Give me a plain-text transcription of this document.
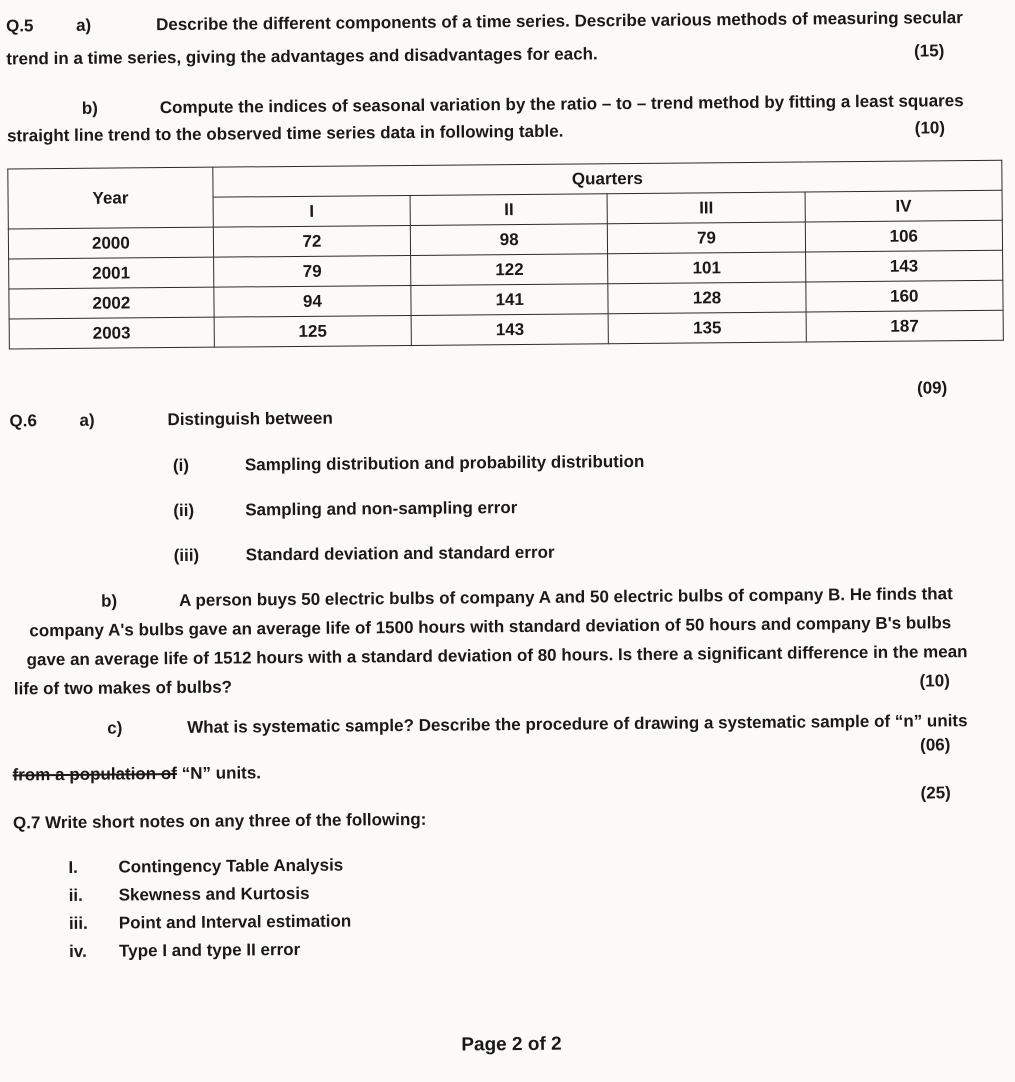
Q.5	a)	Describe the different components of a time series. Describe various methods of measuring secular
trend in a time series, giving the advantages and disadvantages for each.	(15)
b)	Compute the indices of seasonal variation by the ratio – to – trend method by fitting a least squares
straight line trend to the observed time series data in following table.	(10)
Year	Quarters			
	I	II	III	IV
2000	72	98	79	106
2001	79	122	101	143
2002	94	141	128	160
2003	125	143	135	187
(09)
Q.6	a)	Distinguish between
(i)	Sampling distribution and probability distribution
(ii)	Sampling and non-sampling error
(iii)	Standard deviation and standard error
b)	A person buys 50 electric bulbs of company A and 50 electric bulbs of company B. He finds that
company A's bulbs gave an average life of 1500 hours with standard deviation of 50 hours and company B's bulbs
gave an average life of 1512 hours with a standard deviation of 80 hours. Is there a significant difference in the mean
life of two makes of bulbs?	(10)
c)	What is systematic sample? Describe the procedure of drawing a systematic sample of “n” units
(06)
from a population of “N” units.
(25)
Q.7 Write short notes on any three of the following:
I.	Contingency Table Analysis
ii.	Skewness and Kurtosis
iii.	Point and Interval estimation
iv.	Type I and type II error
Page 2 of 2
